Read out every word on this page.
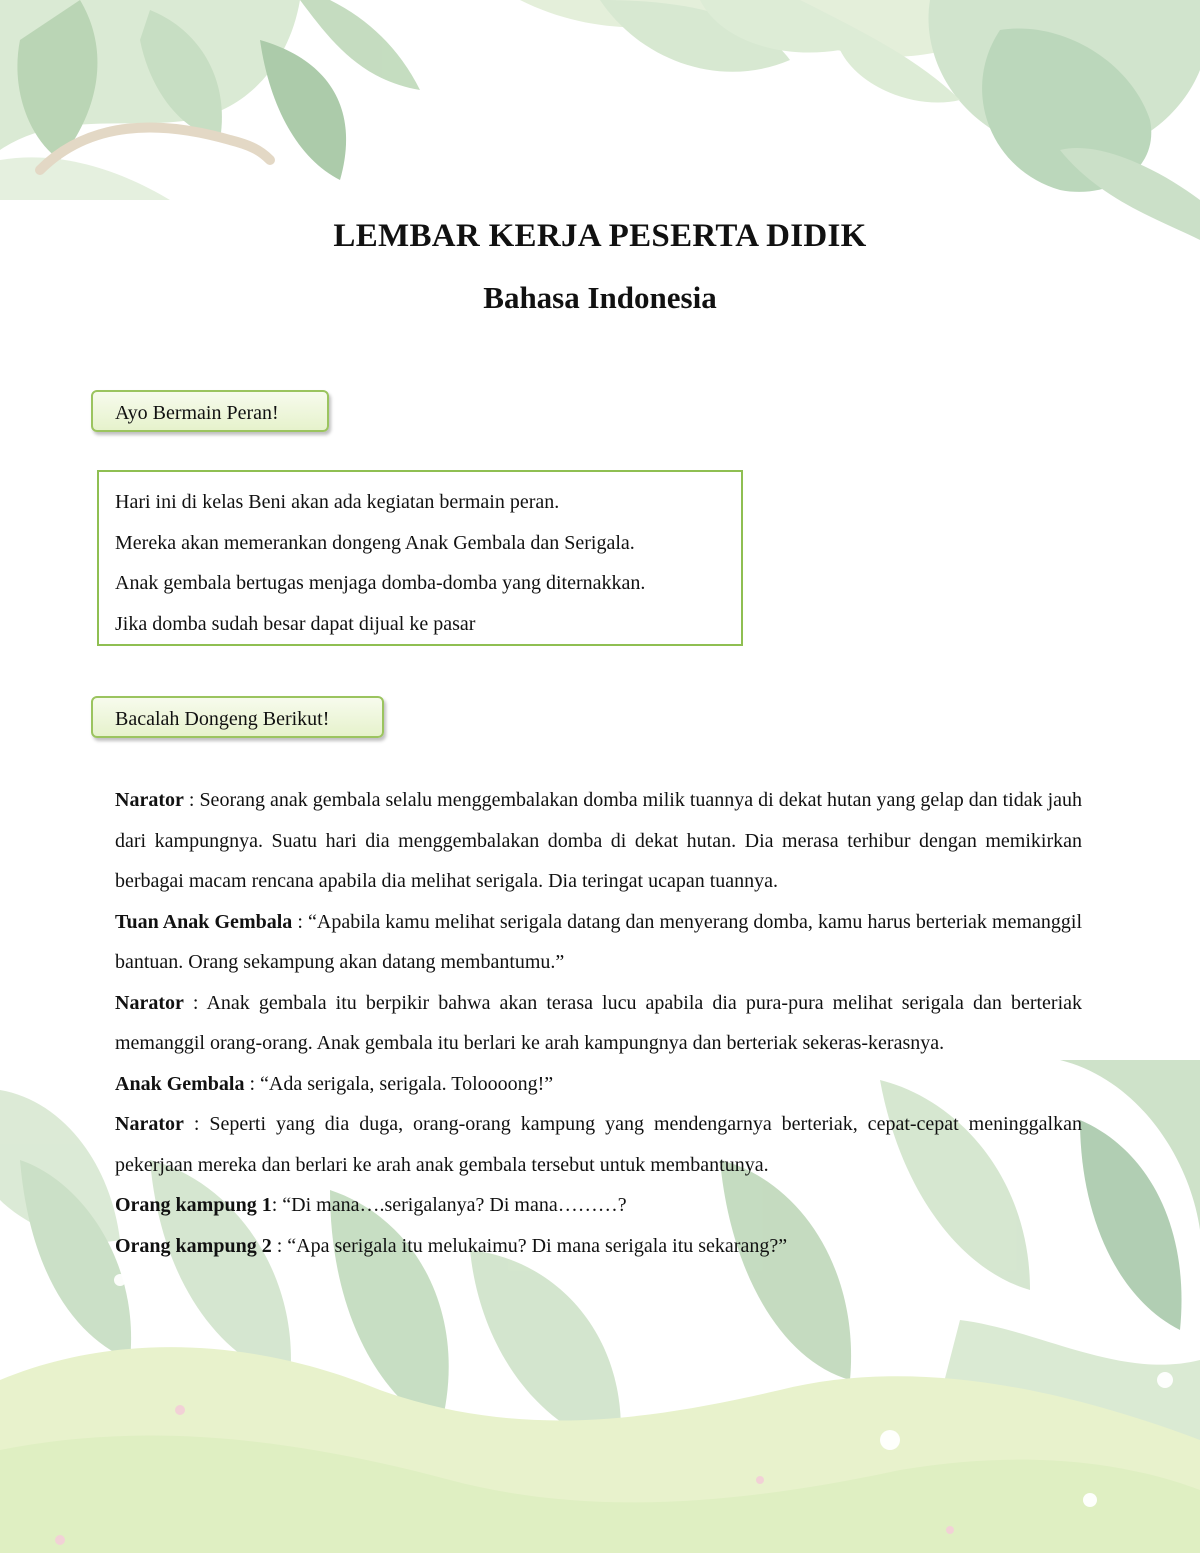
LEMBAR KERJA PESERTA DIDIK
Bahasa Indonesia
Ayo Bermain Peran!
Hari ini di kelas Beni akan ada kegiatan bermain peran.
Mereka akan memerankan dongeng Anak Gembala dan Serigala.
Anak gembala bertugas menjaga domba-domba yang diternakkan.
Jika domba sudah besar dapat dijual ke pasar
Bacalah Dongeng Berikut!

Narator : Seorang anak gembala selalu menggembalakan domba milik tuannya di dekat hutan yang gelap dan tidak jauh dari kampungnya. Suatu hari dia menggembalakan domba di dekat hutan. Dia merasa terhibur dengan memikirkan berbagai macam rencana apabila dia melihat serigala. Dia teringat ucapan tuannya.

Tuan Anak Gembala : “Apabila kamu melihat serigala datang dan menyerang domba, kamu harus berteriak memanggil bantuan. Orang sekampung akan datang membantumu.”

Narator : Anak gembala itu berpikir bahwa akan terasa lucu apabila dia pura-pura melihat serigala dan berteriak memanggil orang-orang. Anak gembala itu berlari ke arah kampungnya dan berteriak sekeras-kerasnya.

Anak Gembala : “Ada serigala, serigala. Toloooong!”

Narator : Seperti yang dia duga, orang-orang kampung yang mendengarnya berteriak, cepat-cepat meninggalkan pekerjaan mereka dan berlari ke arah anak gembala tersebut untuk membantunya.

Orang kampung 1: “Di mana….serigalanya? Di mana………?

Orang kampung 2 : “Apa serigala itu melukaimu? Di mana serigala itu sekarang?”
